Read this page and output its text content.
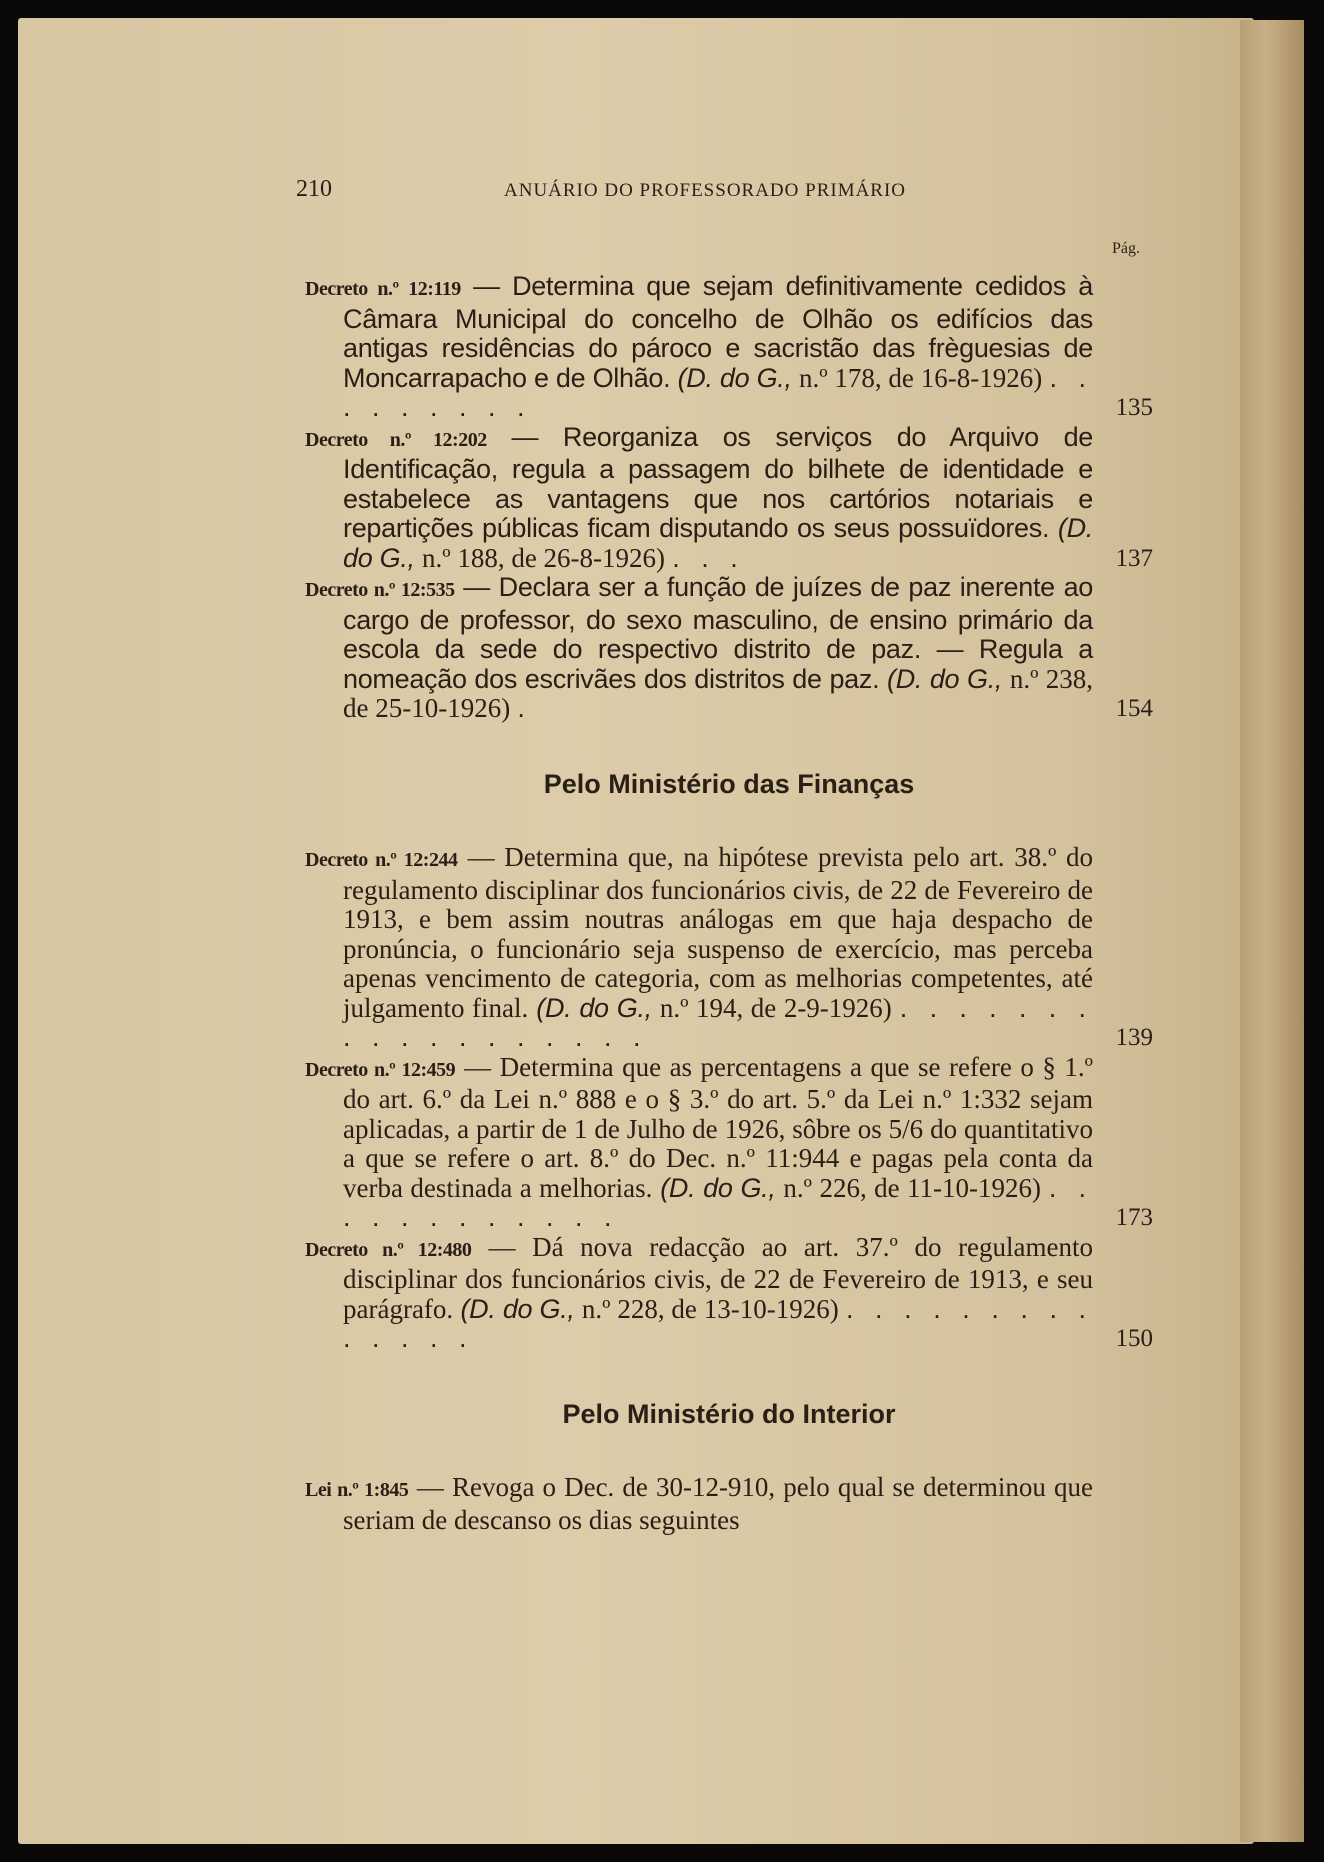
210	ANUÁRIO DO PROFESSORADO PRIMÁRIO
Pág.
Decreto n.º 12:119 — Determina que sejam definitivamente cedidos à Câmara Municipal do concelho de Olhão os edifícios das antigas residências do pároco e sacristão das frèguesias de Moncarrapacho e de Olhão. (D. do G., n.º 178, de 16-8-1926) . . . . . . . . .	135
Decreto n.º 12:202 — Reorganiza os serviços do Arquivo de Identificação, regula a passagem do bilhete de identidade e estabelece as vantagens que nos cartórios notariais e repartições públicas ficam disputando os seus possuïdores. (D. do G., n.º 188, de 26-8-1926) . . .	137
Decreto n.º 12:535 — Declara ser a função de juízes de paz inerente ao cargo de professor, do sexo masculino, de ensino primário da escola da sede do respectivo distrito de paz. — Regula a nomeação dos escrivães dos distritos de paz. (D. do G., n.º 238, de 25-10-1926) .	154
Pelo Ministério das Finanças
Decreto n.º 12:244 — Determina que, na hipótese prevista pelo art. 38.º do regulamento disciplinar dos funcionários civis, de 22 de Fevereiro de 1913, e bem assim noutras análogas em que haja despacho de pronúncia, o funcionário seja suspenso de exercício, mas perceba apenas vencimento de categoria, com as melhorias competentes, até julgamento final. (D. do G., n.º 194, de 2-9-1926) . . . . . . . . . . . . . . . . . .	139
Decreto n.º 12:459 — Determina que as percentagens a que se refere o § 1.º do art. 6.º da Lei n.º 888 e o § 3.º do art. 5.º da Lei n.º 1:332 sejam aplicadas, a partir de 1 de Julho de 1926, sôbre os 5/6 do quantitativo a que se refere o art. 8.º do Dec. n.º 11:944 e pagas pela conta da verba destinada a melhorias. (D. do G., n.º 226, de 11-10-1926) . . . . . . . . . . . .	173
Decreto n.º 12:480 — Dá nova redacção ao art. 37.º do regulamento disciplinar dos funcionários civis, de 22 de Fevereiro de 1913, e seu parágrafo. (D. do G., n.º 228, de 13-10-1926) . . . . . . . . . . . . . .	150
Pelo Ministério do Interior
Lei n.º 1:845 — Revoga o Dec. de 30-12-910, pelo qual se determinou que seriam de descanso os dias seguintes
